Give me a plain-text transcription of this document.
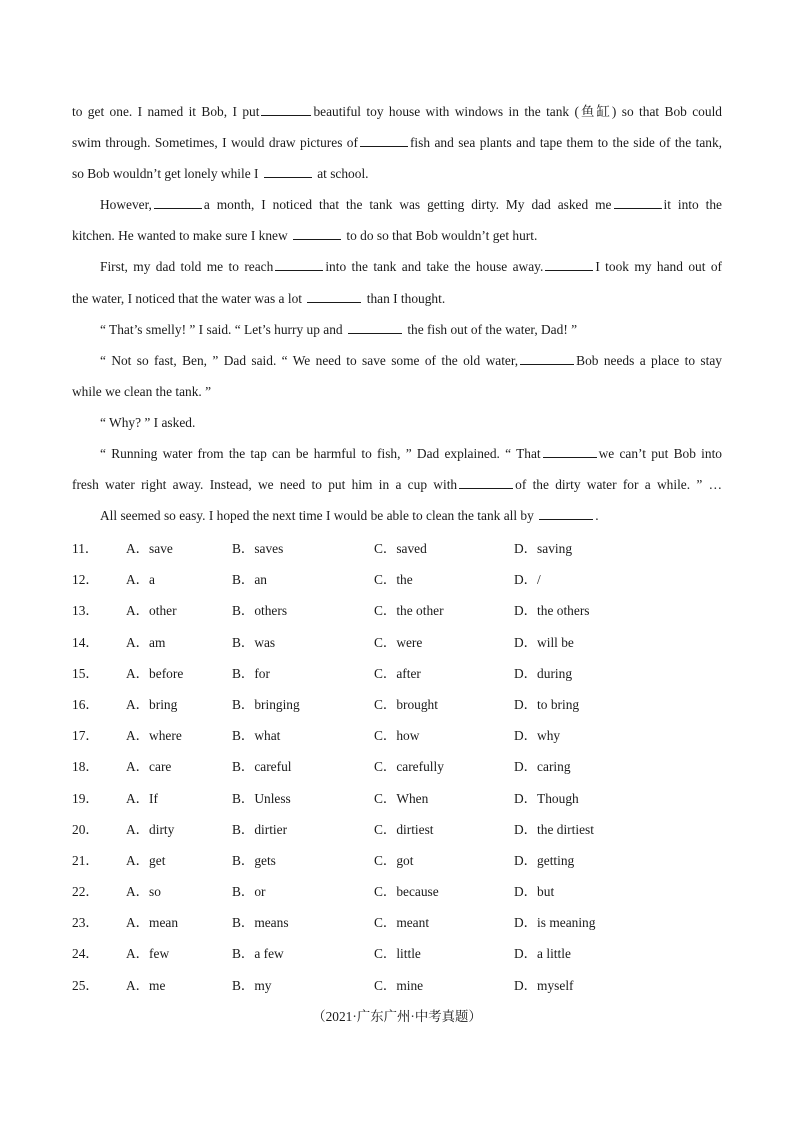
to get one. I named it Bob, I put	beautiful toy house with windows in the tank (鱼缸) so that Bob could
swim through. Sometimes, I would draw pictures of	fish and sea plants and tape them to the side of the tank,
so Bob wouldn’t get lonely while I	at school.
However,	a month, I noticed that the tank was getting dirty. My dad asked me	it into the
kitchen. He wanted to make sure I knew	to do so that Bob wouldn’t get hurt.
First, my dad told me to reach	into the tank and take the house away.	I took my hand out of
the water, I noticed that the water was a lot	than I thought.
“ That’s smelly! ” I said. “ Let’s hurry up and	the fish out of the water, Dad! ”
“ Not so fast, Ben, ” Dad said. “ We need to save some of the old water,	Bob needs a place to stay
while we clean the tank. ”
“ Why? ” I asked.
“ Running water from the tap can be harmful to fish, ” Dad explained. “ That	we can’t put Bob into
fresh water right away. Instead, we need to put him in a cup with	of the dirty water for a while. ” …
All seemed so easy. I hoped the next time I would be able to clean the tank all by	.
11． A．save	B．saves	C．saved	D．saving
12． A．a	B．an	C．the	D．/
13． A．other	B．others	C．the other	D．the others
14． A．am	B．was	C．were	D．will be
15． A．before	B．for	C．after	D．during
16． A．bring	B．bringing	C．brought	D．to bring
17． A．where	B．what	C．how	D．why
18． A．care	B．careful	C．carefully	D．caring
19． A．If	B．Unless	C．When	D．Though
20． A．dirty	B．dirtier	C．dirtiest	D．the dirtiest
21． A．get	B．gets	C．got	D．getting
22． A．so	B．or	C．because	D．but
23． A．mean	B．means	C．meant	D．is meaning
24． A．few	B．a few	C．little	D．a little
25． A．me	B．my	C．mine	D．myself
（2021·广东广州·中考真题）
